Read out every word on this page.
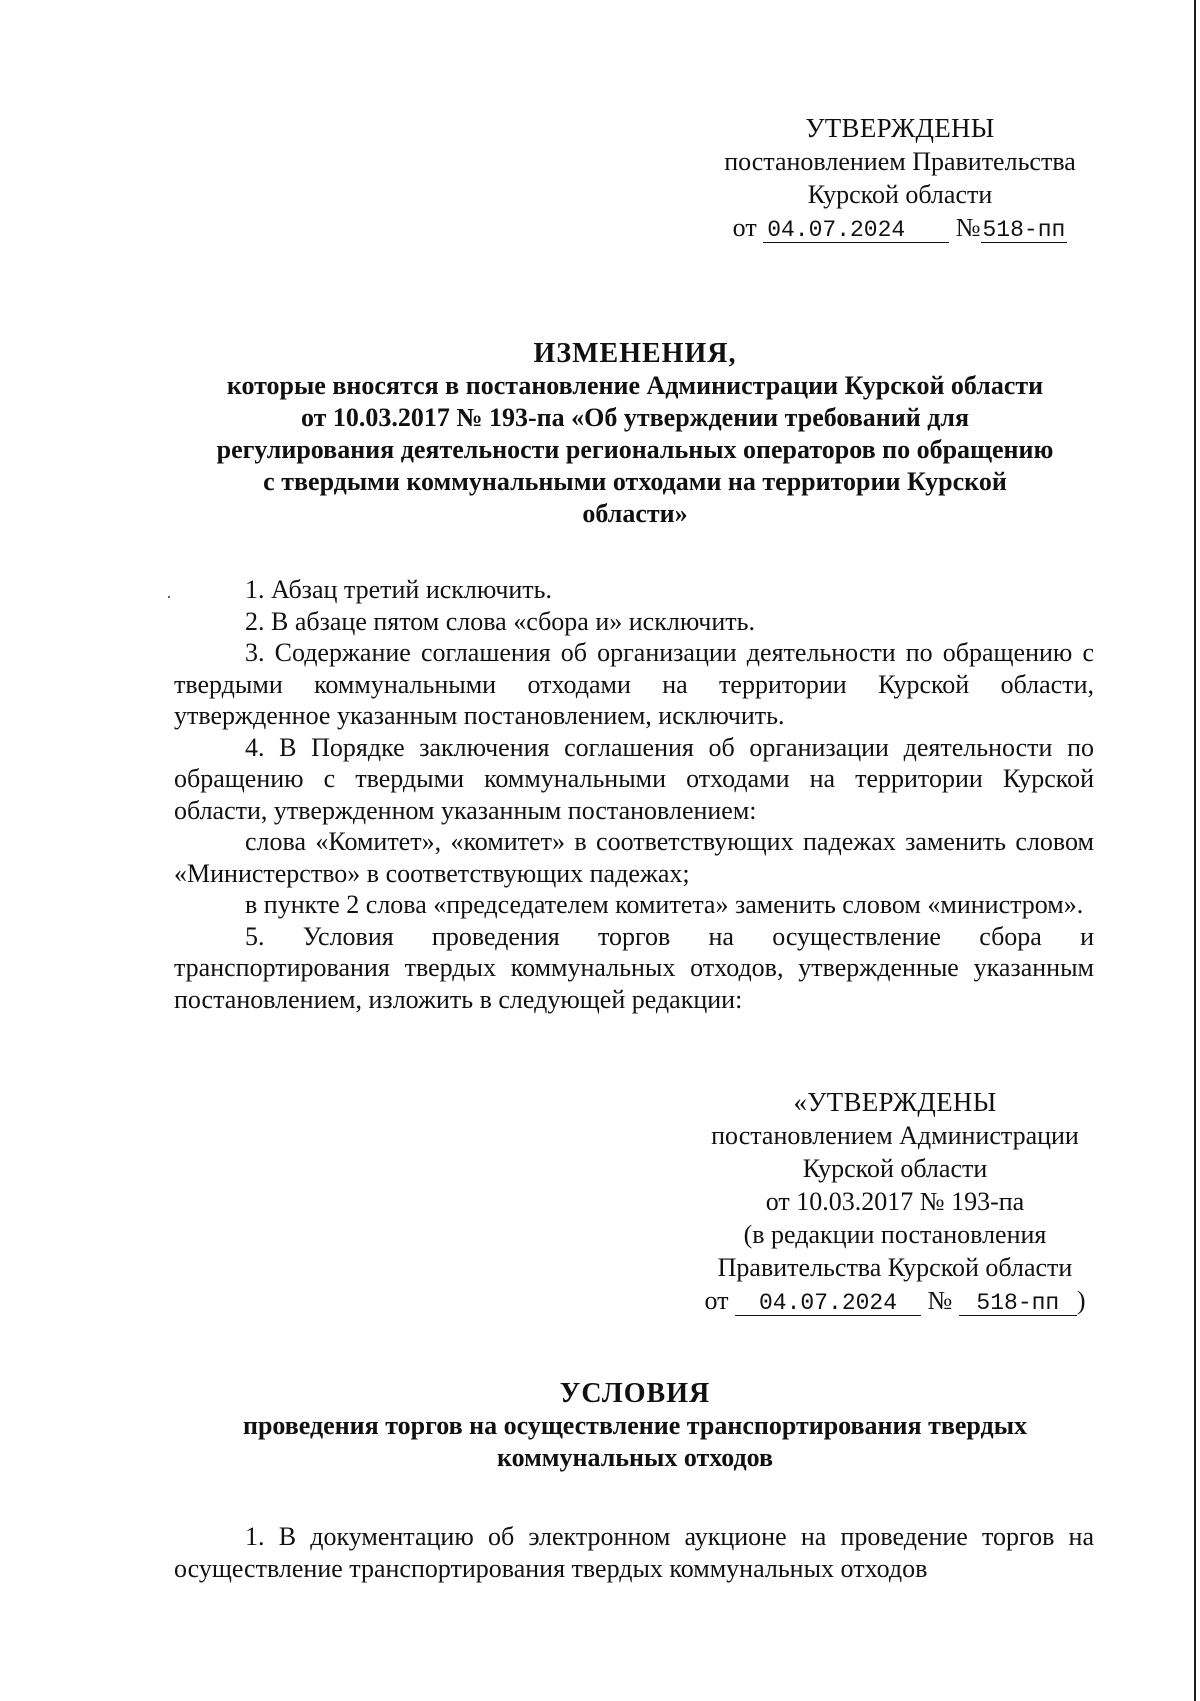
УТВЕРЖДЕНЫ
постановлением Правительства
Курской области
от 04.07.2024 №518-пп
ИЗМЕНЕНИЯ,
которые вносятся в постановление Администрации Курской области
от 10.03.2017 № 193-па «Об утверждении требований для
регулирования деятельности региональных операторов по обращению
с твердыми коммунальными отходами на территории Курской
области»

1. Абзац третий исключить.

2. В абзаце пятом слова «сбора и» исключить.

3. Содержание соглашения об организации деятельности по обращению с твердыми коммунальными отходами на территории Курской области, утвержденное указанным постановлением, исключить.

4. В Порядке заключения соглашения об организации деятельности по обращению с твердыми коммунальными отходами на территории Курской области, утвержденном указанным постановлением:

слова «Комитет», «комитет» в соответствующих падежах заменить словом «Министерство» в соответствующих падежах;

в пункте 2 слова «председателем комитета» заменить словом «министром».

5. Условия проведения торгов на осуществление сбора и транспортирования твердых коммунальных отходов, утвержденные указанным постановлением, изложить в следующей редакции:

«УТВЕРЖДЕНЫ
постановлением Администрации
Курской области
от 10.03.2017 № 193-па
(в редакции постановления
Правительства Курской области
от 04.07.2024 № 518-пп )
УСЛОВИЯ
проведения торгов на осуществление транспортирования твердых
коммунальных отходов

1. В документацию об электронном аукционе на проведение торгов на осуществление транспортирования твердых коммунальных отходов
